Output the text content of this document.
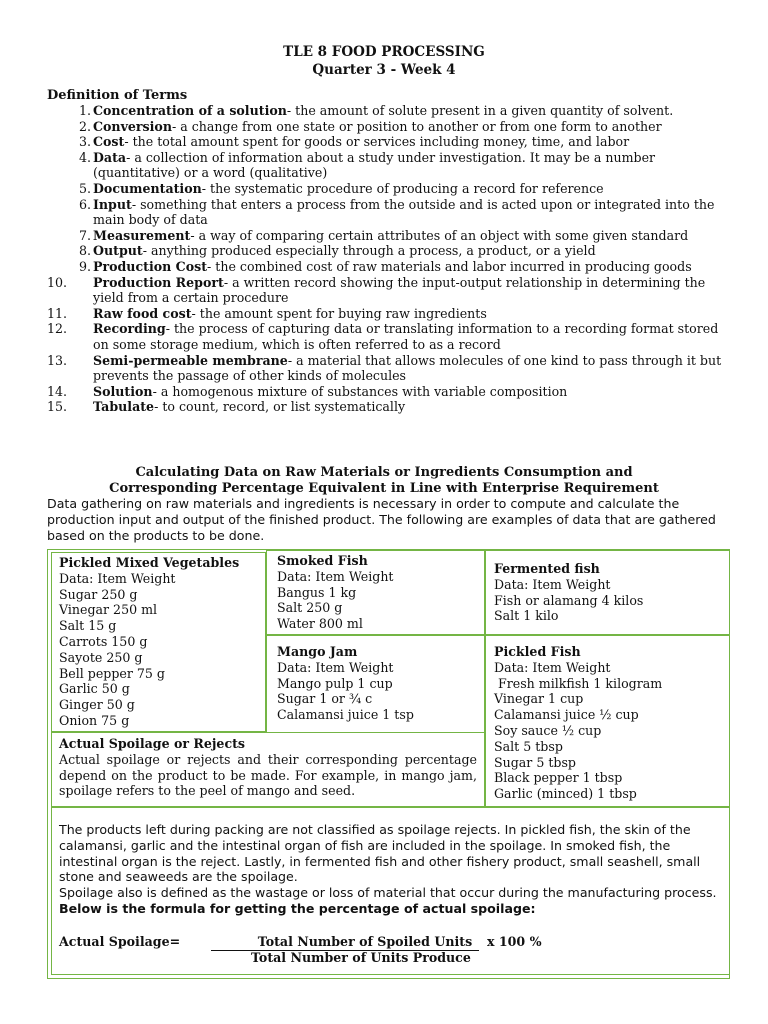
TLE 8 FOOD PROCESSING
Quarter 3 - Week 4
Definition of Terms
1. Concentration of a solution- the amount of solute present in a given quantity of solvent.
2. Conversion- a change from one state or position to another or from one form to another
3. Cost- the total amount spent for goods or services including money, time, and labor
4. Data- a collection of information about a study under investigation. It may be a number (quantitative) or a word (qualitative)
5. Documentation- the systematic procedure of producing a record for reference
6. Input- something that enters a process from the outside and is acted upon or integrated into the main body of data
7. Measurement- a way of comparing certain attributes of an object with some given standard
8. Output- anything produced especially through a process, a product, or a yield
9. Production Cost- the combined cost of raw materials and labor incurred in producing goods
10.	Production Report- a written record showing the input-output relationship in determining the yield from a certain procedure
11.	Raw food cost- the amount spent for buying raw ingredients
12.	Recording- the process of capturing data or translating information to a recording format stored on some storage medium, which is often referred to as a record
13.	Semi-permeable membrane- a material that allows molecules of one kind to pass through it but prevents the passage of other kinds of molecules
14.	Solution- a homogenous mixture of substances with variable composition
15.	Tabulate- to count, record, or list systematically
Calculating Data on Raw Materials or Ingredients Consumption and
Corresponding Percentage Equivalent in Line with Enterprise Requirement
Data gathering on raw materials and ingredients is necessary in order to compute and calculate the production input and output of the finished product. The following are examples of data that are gathered based on the products to be done.
Pickled Mixed Vegetables
Data: Item Weight
Sugar 250 g
Vinegar 250 ml
Salt 15 g
Carrots 150 g
Sayote 250 g
Bell pepper 75 g
Garlic 50 g
Ginger 50 g
Onion 75 g
Smoked Fish
Data: Item Weight
Bangus 1 kg
Salt 250 g
Water 800 ml
Fermented fish
Data: Item Weight
Fish or alamang 4 kilos
Salt 1 kilo
Mango Jam
Data: Item Weight
Mango pulp 1 cup
Sugar 1 or ¾ c
Calamansi juice 1 tsp
Pickled Fish
Data: Item Weight
Fresh milkfish 1 kilogram
Vinegar 1 cup
Calamansi juice ½ cup
Soy sauce ½ cup
Salt 5 tbsp
Sugar 5 tbsp
Black pepper 1 tbsp
Garlic (minced) 1 tbsp
Actual Spoilage or Rejects
Actual spoilage or rejects and their corresponding percentage depend on the product to be made. For example, in mango jam, spoilage refers to the peel of mango and seed.
The products left during packing are not classified as spoilage rejects. In pickled fish, the skin of the calamansi, garlic and the intestinal organ of fish are included in the spoilage. In smoked fish, the intestinal organ is the reject. Lastly, in fermented fish and other fishery product, small seashell, small stone and seaweeds are the spoilage.
Spoilage also is defined as the wastage or loss of material that occur during the manufacturing process. Below is the formula for getting the percentage of actual spoilage:
Actual Spoilage=	Total Number of Spoiled Units	x 100 %
Total Number of Units Produce
